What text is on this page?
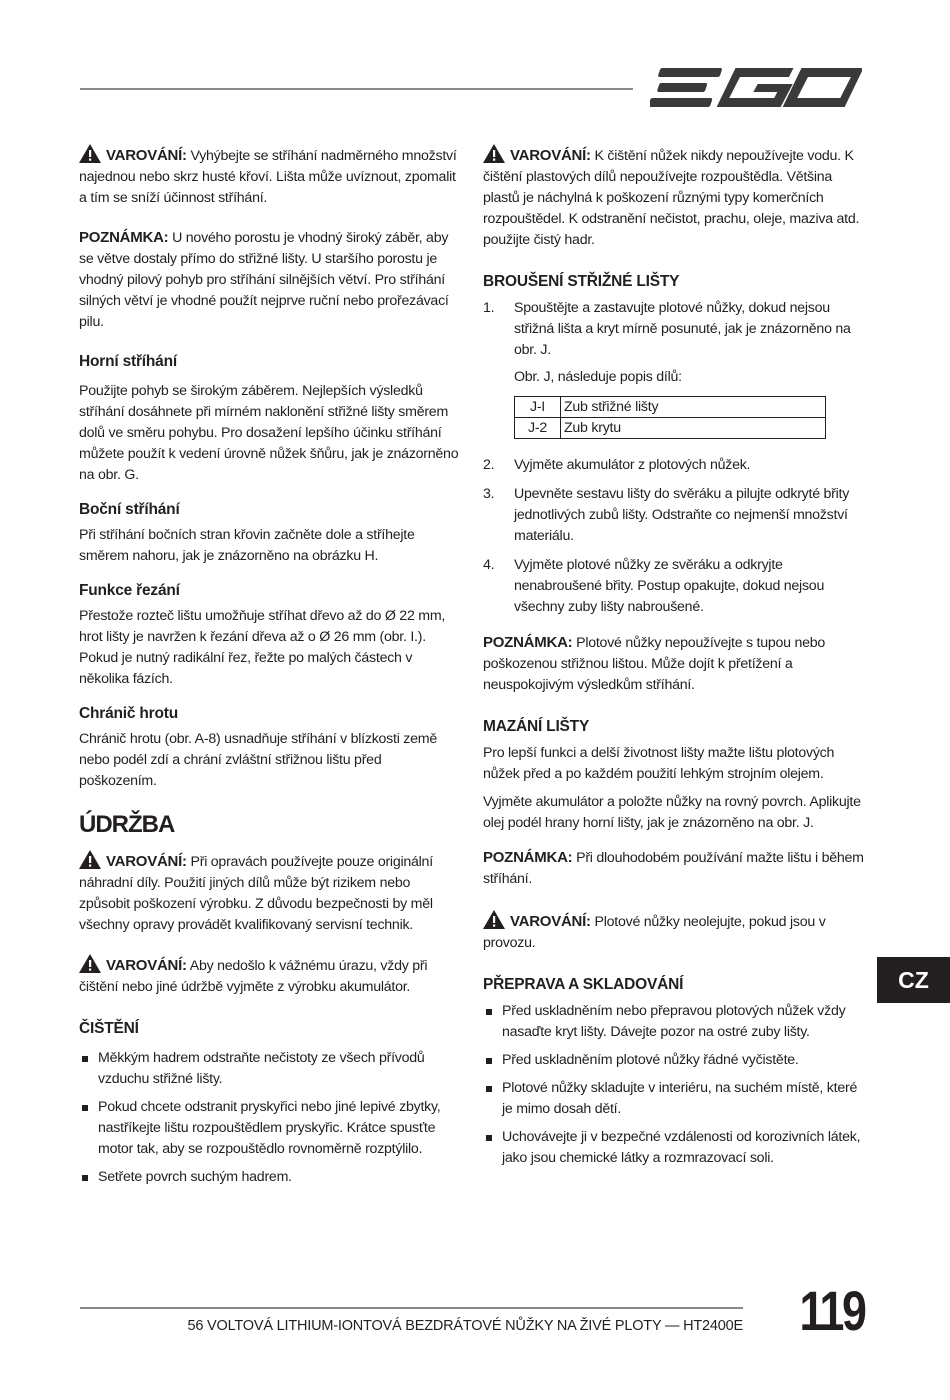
VAROVÁNÍ: Vyhýbejte se stříhání nadměrného množství najednou nebo skrz husté křoví. Lišta může uvíznout, zpomalit a tím se sníží účinnost stříhání.
POZNÁMKA: U nového porostu je vhodný široký záběr, aby se větve dostaly přímo do střižné lišty. U staršího porostu je vhodný pilový pohyb pro stříhání silnějších větví. Pro stříhání silných větví je vhodné použít nejprve ruční nebo prořezávací pilu.
Horní stříhání

Použijte pohyb se širokým záběrem. Nejlepších výsledků stříhání dosáhnete při mírném naklonění střižné lišty směrem dolů ve směru pohybu. Pro dosažení lepšího účinku stříhání můžete použít k vedení úrovně nůžek šňůru, jak je znázorněno na obr. G.

Boční stříhání

Při stříhání bočních stran křovin začněte dole a stříhejte směrem nahoru, jak je znázorněno na obrázku H.

Funkce řezání

Přestože rozteč lištu umožňuje stříhat dřevo až do Ø 22 mm, hrot lišty je navržen k řezání dřeva až o Ø 26 mm (obr. I.). Pokud je nutný radikální řez, řežte po malých částech v několika fázích.

Chránič hrotu

Chránič hrotu (obr. A-8) usnadňuje stříhání v blízkosti země nebo podél zdí a chrání zvláštní střižnou lištu před poškozením.

ÚDRŽBA
VAROVÁNÍ: Při opravách používejte pouze originální náhradní díly. Použití jiných dílů může být rizikem nebo způsobit poškození výrobku. Z důvodu bezpečnosti by měl všechny opravy provádět kvalifikovaný servisní technik.
VAROVÁNÍ: Aby nedošlo k vážnému úrazu, vždy při čištění nebo jiné údržbě vyjměte z výrobku akumulátor.
ČIŠTĚNÍ
Měkkým hadrem odstraňte nečistoty ze všech přívodů vzduchu střižné lišty.
Pokud chcete odstranit pryskyřici nebo jiné lepivé zbytky, nastříkejte lištu rozpouštědlem pryskyřic. Krátce spusťte motor tak, aby se rozpouštědlo rovnoměrně rozptýlilo.
Setřete povrch suchým hadrem.
VAROVÁNÍ: K čištění nůžek nikdy nepoužívejte vodu. K čištění plastových dílů nepoužívejte rozpouštědla. Většina plastů je náchylná k poškození různými typy komerčních rozpouštědel. K odstranění nečistot, prachu, oleje, maziva atd. použijte čistý hadr.
BROUŠENÍ STŘIŽNÉ LIŠTY
1. Spouštějte a zastavujte plotové nůžky, dokud nejsou střižná lišta a kryt mírně posunuté, jak je znázorněno na obr. J.

Obr. J, následuje popis dílů:

J-I	Zub střižné lišty
J-2	Zub krytu
2. Vyjměte akumulátor z plotových nůžek.
3. Upevněte sestavu lišty do svěráku a pilujte odkryté břity jednotlivých zubů lišty. Odstraňte co nejmenší množství materiálu.
4. Vyjměte plotové nůžky ze svěráku a odkryjte nenabroušené břity. Postup opakujte, dokud nejsou všechny zuby lišty nabroušené.
POZNÁMKA: Plotové nůžky nepoužívejte s tupou nebo poškozenou střižnou lištou. Může dojít k přetížení a neuspokojivým výsledkům stříhání.
MAZÁNÍ LIŠTY

Pro lepší funkci a delší životnost lišty mažte lištu plotových nůžek před a po každém použití lehkým strojním olejem.

Vyjměte akumulátor a položte nůžky na rovný povrch. Aplikujte olej podél hrany horní lišty, jak je znázorněno na obr. J.

POZNÁMKA: Při dlouhodobém používání mažte lištu i během stříhání.
VAROVÁNÍ: Plotové nůžky neolejujte, pokud jsou v provozu.
PŘEPRAVA A SKLADOVÁNÍ
Před uskladněním nebo přepravou plotových nůžek vždy nasaďte kryt lišty. Dávejte pozor na ostré zuby lišty.
Před uskladněním plotové nůžky řádné vyčistěte.
Plotové nůžky skladujte v interiéru, na suchém místě, které je mimo dosah dětí.
Uchovávejte ji v bezpečné vzdálenosti od korozivních látek, jako jsou chemické látky a rozmrazovací soli.
CZ
56 VOLTOVÁ LITHIUM-IONTOVÁ BEZDRÁTOVÉ NŮŽKY NA ŽIVÉ PLOTY — HT2400E 119
